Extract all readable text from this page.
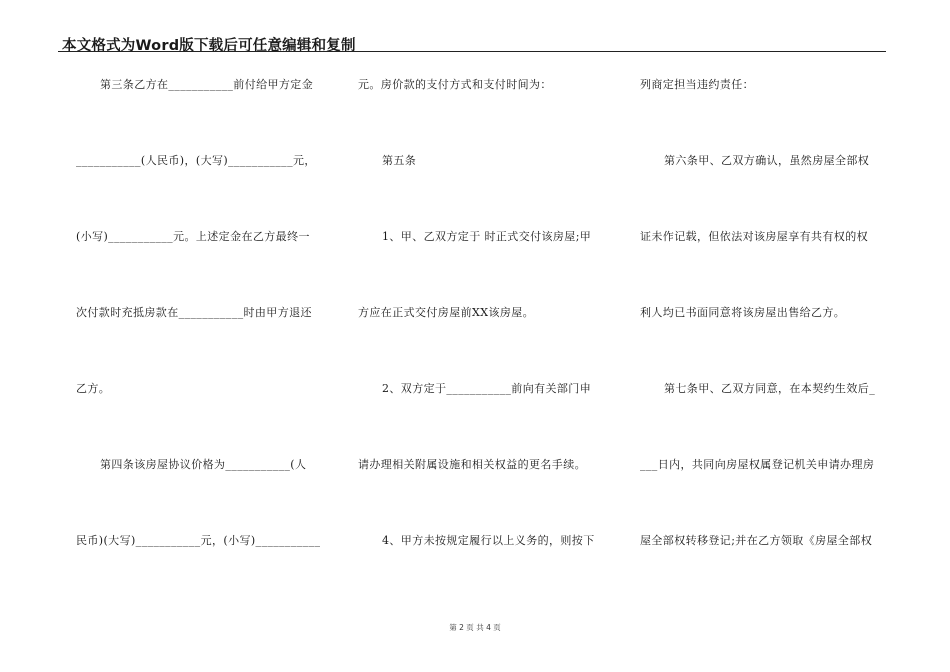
本文格式为Word版下载后可任意编辑和复制
第三条乙方在___________前付给甲方定金
___________(人民币)，(大写)___________元，
(小写)___________元。上述定金在乙方最终一
次付款时充抵房款在___________时由甲方退还
乙方。
第四条该房屋协议价格为___________(人
民币)(大写)___________元，(小写)___________
元。房价款的支付方式和支付时间为：
第五条
1、甲、乙双方定于 时正式交付该房屋;甲
方应在正式交付房屋前XX该房屋。
2、双方定于___________前向有关部门申
请办理相关附属设施和相关权益的更名手续。
4、甲方未按规定履行以上义务的，则按下
列商定担当违约责任：
第六条甲、乙双方确认，虽然房屋全部权
证未作记载，但依法对该房屋享有共有权的权
利人均已书面同意将该房屋出售给乙方。
第七条甲、乙双方同意，在本契约生效后_
___日内，共同向房屋权属登记机关申请办理房
屋全部权转移登记;并在乙方领取《房屋全部权
第 2 页 共 4 页
